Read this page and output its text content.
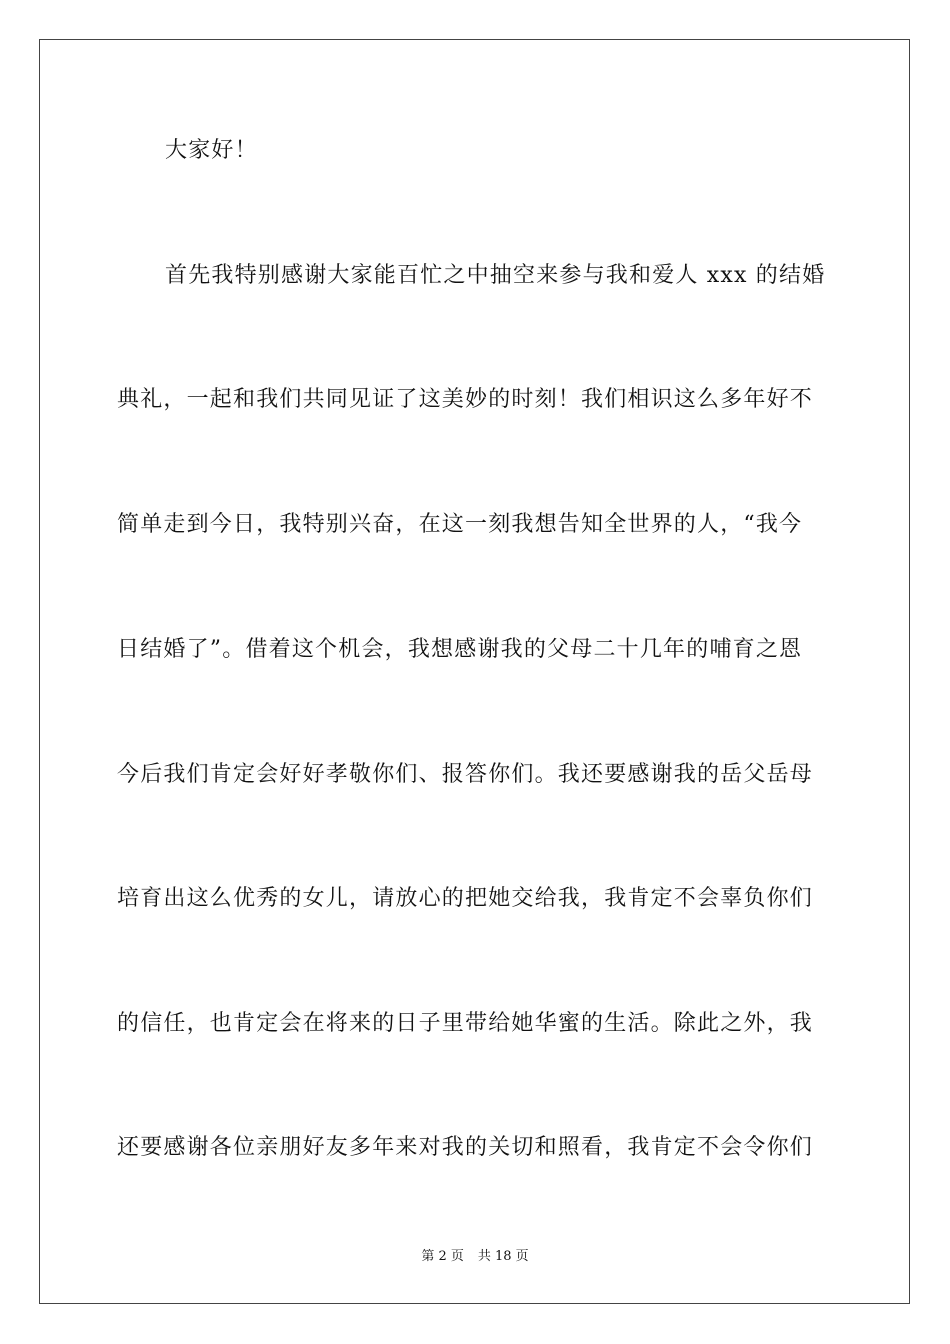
大家好！
首先我特别感谢大家能百忙之中抽空来参与我和爱人 xxx 的结婚
典礼，一起和我们共同见证了这美妙的时刻！我们相识这么多年好不
简单走到今日，我特别兴奋，在这一刻我想告知全世界的人，“我今
日结婚了”。借着这个机会，我想感谢我的父母二十几年的哺育之恩
今后我们肯定会好好孝敬你们、报答你们。我还要感谢我的岳父岳母
培育出这么优秀的女儿，请放心的把她交给我，我肯定不会辜负你们
的信任，也肯定会在将来的日子里带给她华蜜的生活。除此之外，我
还要感谢各位亲朋好友多年来对我的关切和照看，我肯定不会令你们
第 2 页 共 18 页
